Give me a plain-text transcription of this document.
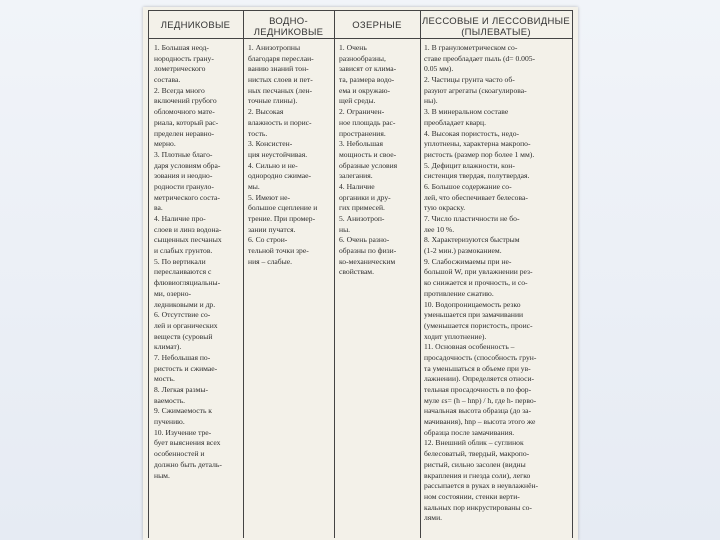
ЛЕДНИКОВЫЕ	ВОДНО-
ЛЕДНИКОВЫЕ
ОЗЕРНЫЕ	ЛЕССОВЫЕ И ЛЕССОВИДНЫЕ
(ПЫЛЕВАТЫЕ)
1. Большая неод-
нородность грану-
лометрического
состава.
2. Всегда много
включений грубого
обломочного мате-
риала, который рас-
пределен неравно-
мерно.
3. Плотные благо-
даря условиям обра-
зования и неодно-
родности грануло-
метрического соста-
ва.
4. Наличие про-
слоев и линз водона-
сыщенных песчаных
и слабых грунтов.
5. По вертикали
переслаиваются с
флювиогляциальны-
ми, озерно-
ледниковыми и др.
6. Отсутствие со-
лей и органических
веществ (суровый
климат).
7. Небольшая по-
ристость и сжимае-
мость.
8. Легкая размы-
ваемость.
9. Сжимаемость к
пучению.
10. Изучение тре-
бует выяснения всех
особенностей и
должно быть деталь-
ным.
1. Анизотропны
благодаря переслаи-
ванию знаний тон-
нистых слоев и пет-
ных песчаных (лен-
точные глины).
2. Высокая
влажность и порис-
тость.
3. Консистен-
ция неустойчивая.
4. Сильно и не-
однородно сжимае-
мы.
5. Имеют не-
большое сцепление и
трение. При промер-
зании пучатся.
6. Со строи-
тельной точки зре-
ния – слабые.
1. Очень
разнообразны,
зависят от клима-
та, размера водо-
ема и окружаю-
щей среды.
2. Ограничен-
ное площадь рас-
пространения.
3. Небольшая
мощность и свое-
образные условия
залегания.
4. Наличие
органики и дру-
гих примесей.
5. Анизотроп-
ны.
6. Очень разно-
образны по физи-
ко-механическим
свойствам.
1. В гранулометрическом со-
ставе преобладает пыль (d= 0.005-
0.05 мм).
2. Частицы грунта часто об-
разуют агрегаты (скоагулирова-
ны).
3. В минеральном составе
преобладает кварц.
4. Высокая пористость, недо-
уплотнены, характерна макропо-
ристость (размер пор более 1 мм).
5. Дефицит влажности, кон-
систенция твердая, полутвердая.
6. Большое содержание со-
лей, что обеспечивает белесова-
тую окраску.
7. Число пластичности не бо-
лее 10 %.
8. Характеризуются быстрым
(1-2 мин.) размоканием.
9. Слабосжимаемы при не-
большой W, при увлажнении рез-
ко снижается и прочность, и со-
противление сжатию.
10. Водопроницаемость резко
уменьшается при замачивании
(уменьшается пористость, проис-
ходит уплотнение).
11. Основная особенность –
просадочность (способность грун-
та уменьшаться в объеме при ув-
лажнении). Определяется относи-
тельная просадочность в по фор-
муле εs= (h – hnp) / h, где h- перво-
начальная высота образца (до за-
мачивания), hnp – высота этого же
образца после замачивания.
12. Внешний облик – суглинок
белесоватый, твердый, макропо-
ристый, сильно засолен (видны
вкрапления и гнезда соли), легко
рассыпается в руках в неувлажнён-
ном состоянии, стенки верти-
кальных пор инкрустированы со-
лями.
